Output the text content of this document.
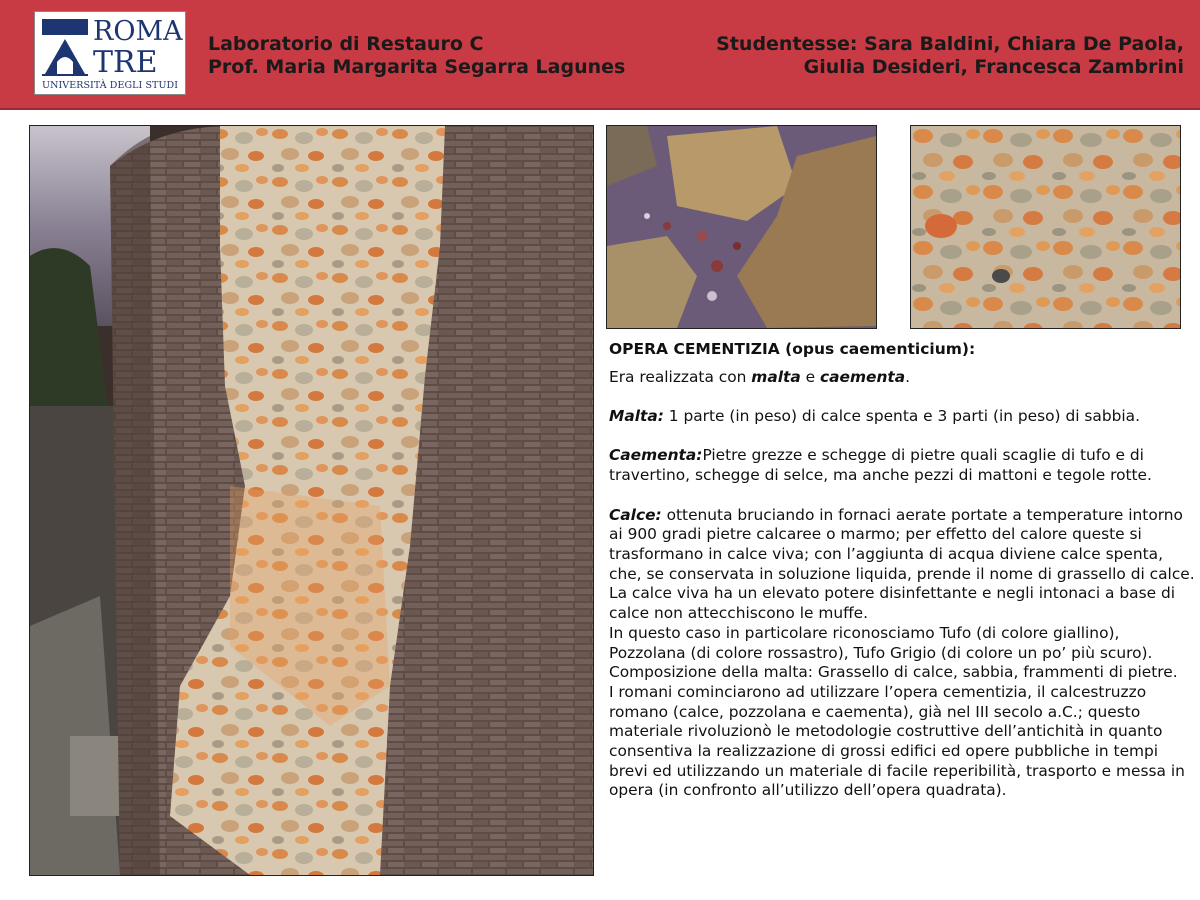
ROMA
TRE
UNIVERSITÀ DEGLI STUDI
Laboratorio di Restauro C
Prof. Maria Margarita Segarra Lagunes
Studentesse: Sara Baldini, Chiara De Paola,
Giulia Desideri, Francesca Zambrini

OPERA CEMENTIZIA (opus caementicium):

Era realizzata con malta e caementa.

Malta: 1 parte (in peso) di calce spenta e 3 parti (in peso) di sabbia.

Caementa:Pietre grezze e schegge di pietre quali scaglie di tufo e di travertino, schegge di selce, ma anche pezzi di mattoni e tegole rotte.

Calce: ottenuta bruciando in fornaci aerate portate a temperature intorno ai 900 gradi pietre calcaree o marmo; per effetto del calore queste si trasformano in calce viva; con l’aggiunta di acqua diviene calce spenta, che, se conservata in soluzione liquida, prende il nome di grassello di calce. La calce viva ha un elevato potere disinfettante e negli intonaci a base di calce non attecchiscono le muffe.

In questo caso in particolare riconosciamo Tufo (di colore giallino), Pozzolana (di colore rossastro), Tufo Grigio (di colore un po’ più scuro).

Composizione della malta: Grassello di calce, sabbia, frammenti di pietre.

I romani cominciarono ad utilizzare l’opera cementizia, il calcestruzzo romano (calce, pozzolana e caementa), già nel III secolo a.C.; questo materiale rivoluzionò le metodologie costruttive dell’antichità in quanto consentiva la realizzazione di grossi edifici ed opere pubbliche in tempi brevi ed utilizzando un materiale di facile reperibilità, trasporto e messa in opera (in confronto all’utilizzo dell’opera quadrata).
